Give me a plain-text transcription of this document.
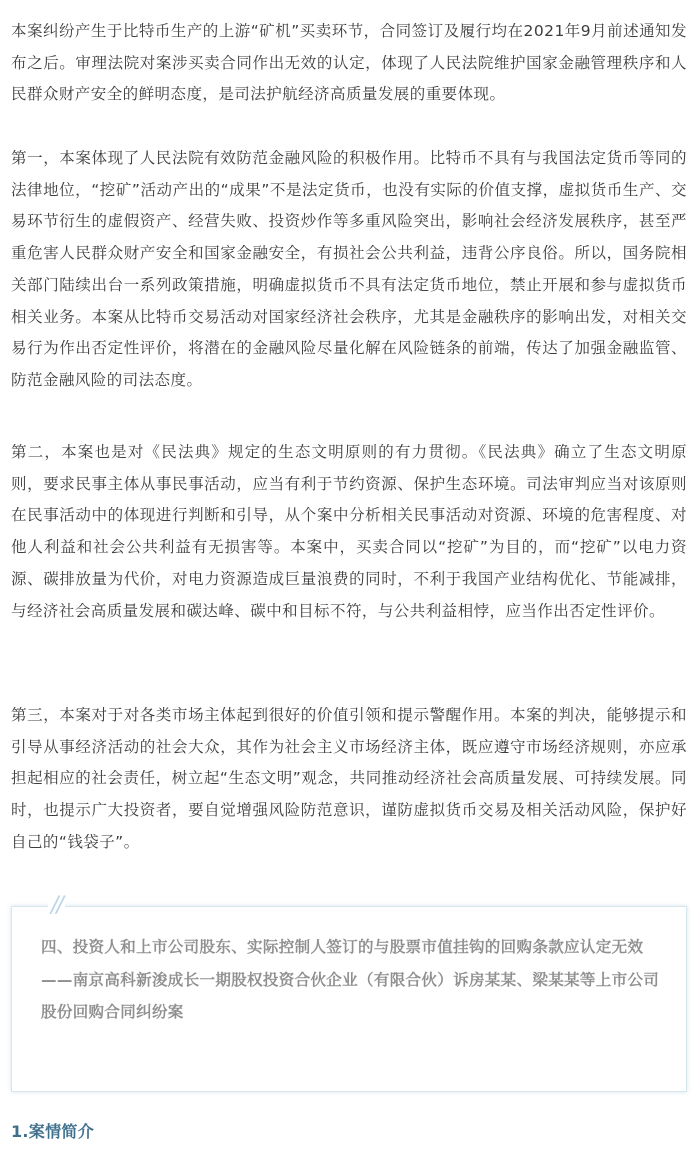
本案纠纷产生于比特币生产的上游“矿机”买卖环节，合同签订及履行均在2021年9月前述通知发布之后。审理法院对案涉买卖合同作出无效的认定，体现了人民法院维护国家金融管理秩序和人民群众财产安全的鲜明态度，是司法护航经济高质量发展的重要体现。

第一，本案体现了人民法院有效防范金融风险的积极作用。比特币不具有与我国法定货币等同的法律地位，“挖矿”活动产出的“成果”不是法定货币，也没有实际的价值支撑，虚拟货币生产、交易环节衍生的虚假资产、经营失败、投资炒作等多重风险突出，影响社会经济发展秩序，甚至严重危害人民群众财产安全和国家金融安全，有损社会公共利益，违背公序良俗。所以，国务院相关部门陆续出台一系列政策措施，明确虚拟货币不具有法定货币地位，禁止开展和参与虚拟货币相关业务。本案从比特币交易活动对国家经济社会秩序，尤其是金融秩序的影响出发，对相关交易行为作出否定性评价，将潜在的金融风险尽量化解在风险链条的前端，传达了加强金融监管、防范金融风险的司法态度。

第二，本案也是对《民法典》规定的生态文明原则的有力贯彻。《民法典》确立了生态文明原则，要求民事主体从事民事活动，应当有利于节约资源、保护生态环境。司法审判应当对该原则在民事活动中的体现进行判断和引导，从个案中分析相关民事活动对资源、环境的危害程度、对他人利益和社会公共利益有无损害等。本案中，买卖合同以“挖矿”为目的，而“挖矿”以电力资源、碳排放量为代价，对电力资源造成巨量浪费的同时，不利于我国产业结构优化、节能减排，与经济社会高质量发展和碳达峰、碳中和目标不符，与公共利益相悖，应当作出否定性评价。

第三，本案对于对各类市场主体起到很好的价值引领和提示警醒作用。本案的判决，能够提示和引导从事经济活动的社会大众，其作为社会主义市场经济主体，既应遵守市场经济规则，亦应承担起相应的社会责任，树立起“生态文明”观念，共同推动经济社会高质量发展、可持续发展。同时，也提示广大投资者，要自觉增强风险防范意识，谨防虚拟货币交易及相关活动风险，保护好自己的“钱袋子”。

//

四、投资人和上市公司股东、实际控制人签订的与股票市值挂钩的回购条款应认定无效
——南京高科新浚成长一期股权投资合伙企业（有限合伙）诉房某某、梁某某等上市公司股份回购合同纠纷案

1.案情简介
